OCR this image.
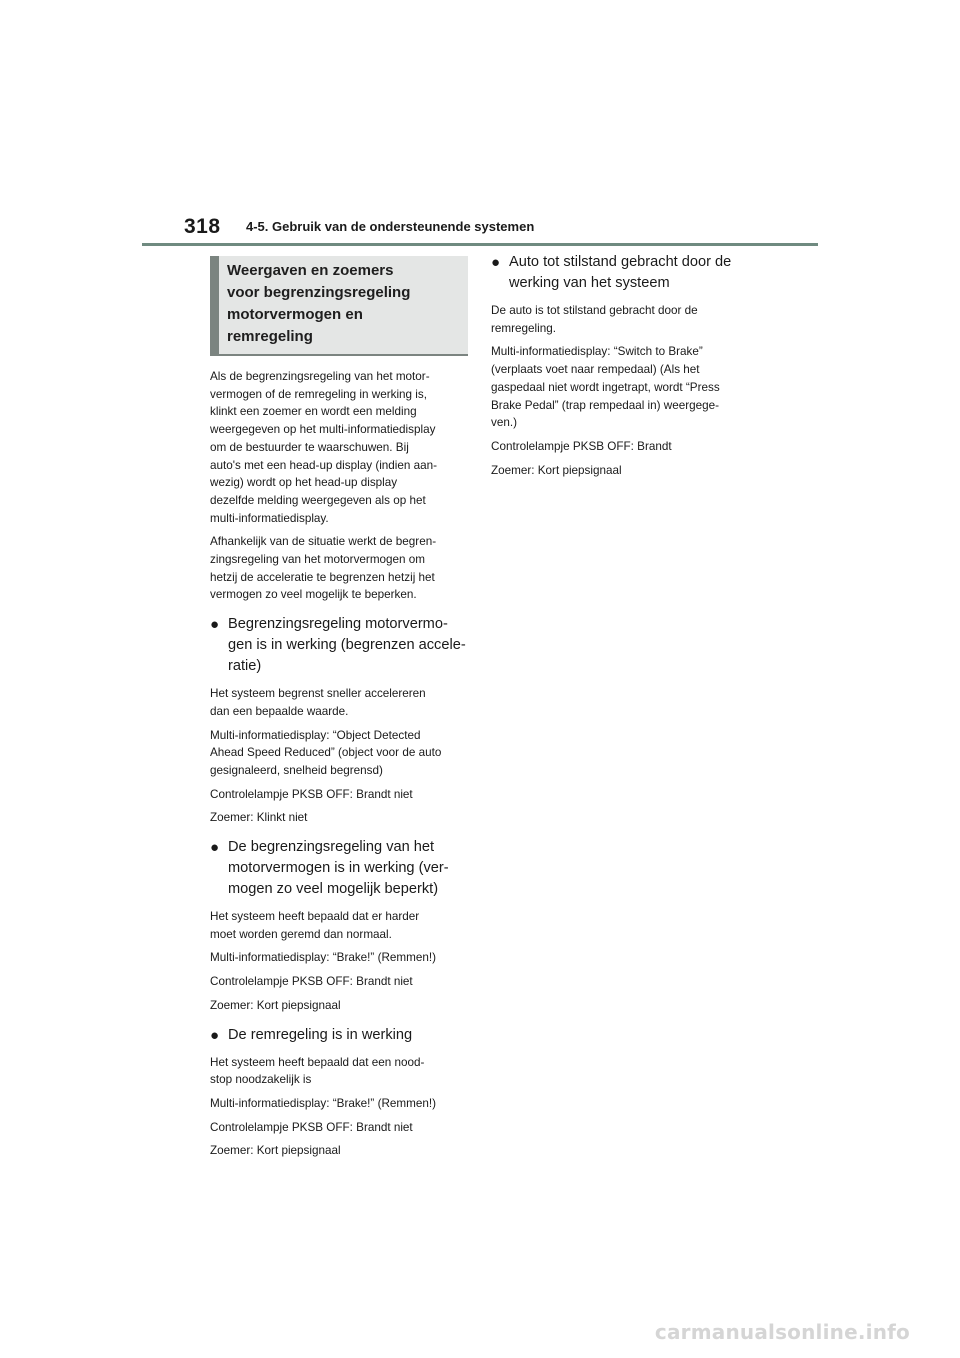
318 4-5. Gebruik van de ondersteunende systemen
Weergaven en zoemers
voor begrenzingsregeling
motorvermogen en
remregeling

Als de begrenzingsregeling van het motor-
vermogen of de remregeling in werking is,
klinkt een zoemer en wordt een melding
weergegeven op het multi-informatiedisplay
om de bestuurder te waarschuwen. Bij
auto's met een head-up display (indien aan-
wezig) wordt op het head-up display
dezelfde melding weergegeven als op het
multi-informatiedisplay.

Afhankelijk van de situatie werkt de begren-
zingsregeling van het motorvermogen om
hetzij de acceleratie te begrenzen hetzij het
vermogen zo veel mogelijk te beperken.

● Begrenzingsregeling motorvermo-
gen is in werking (begrenzen accele-
ratie)

Het systeem begrenst sneller accelereren
dan een bepaalde waarde.

Multi-informatiedisplay: “Object Detected
Ahead Speed Reduced” (object voor de auto
gesignaleerd, snelheid begrensd)

Controlelampje PKSB OFF: Brandt niet

Zoemer: Klinkt niet

● De begrenzingsregeling van het
motorvermogen is in werking (ver-
mogen zo veel mogelijk beperkt)

Het systeem heeft bepaald dat er harder
moet worden geremd dan normaal.

Multi-informatiedisplay: “Brake!” (Remmen!)

Controlelampje PKSB OFF: Brandt niet

Zoemer: Kort piepsignaal

● De remregeling is in werking

Het systeem heeft bepaald dat een nood-
stop noodzakelijk is

Multi-informatiedisplay: “Brake!” (Remmen!)

Controlelampje PKSB OFF: Brandt niet

Zoemer: Kort piepsignaal

● Auto tot stilstand gebracht door de
werking van het systeem

De auto is tot stilstand gebracht door de
remregeling.

Multi-informatiedisplay: “Switch to Brake”
(verplaats voet naar rempedaal) (Als het
gaspedaal niet wordt ingetrapt, wordt “Press
Brake Pedal” (trap rempedaal in) weergege-
ven.)

Controlelampje PKSB OFF: Brandt

Zoemer: Kort piepsignaal

carmanualsonline.info
